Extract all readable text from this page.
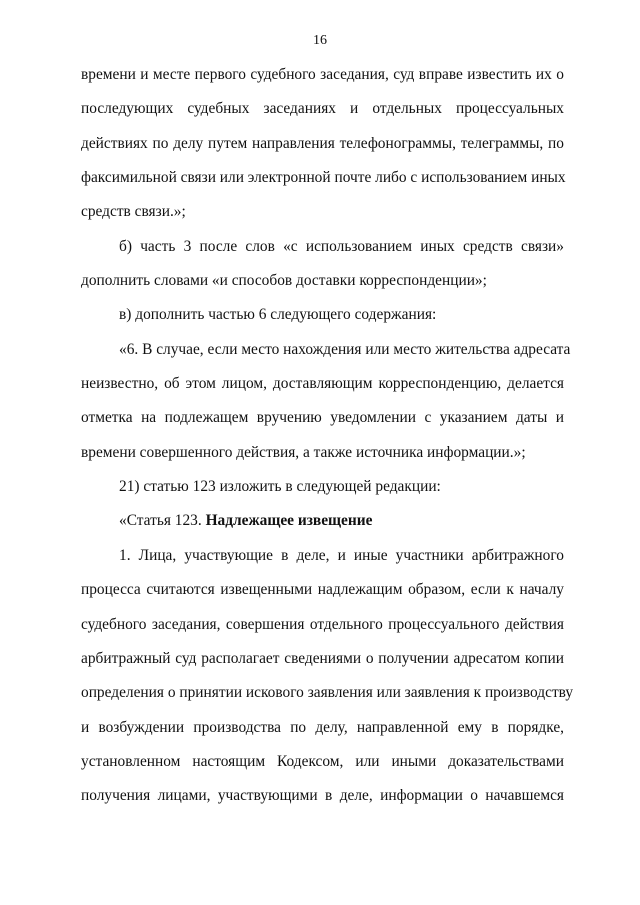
16
времени и месте первого судебного заседания, суд вправе известить их о
последующих судебных заседаниях и отдельных процессуальных
действиях по делу путем направления телефонограммы, телеграммы, по
факсимильной связи или электронной почте либо с использованием иных
средств связи.»;
б) часть 3 после слов «с использованием иных средств связи»
дополнить словами «и способов доставки корреспонденции»;
в) дополнить частью 6 следующего содержания:
«6. В случае, если место нахождения или место жительства адресата
неизвестно, об этом лицом, доставляющим корреспонденцию, делается
отметка на подлежащем вручению уведомлении с указанием даты и
времени совершенного действия, а также источника информации.»;
21) статью 123 изложить в следующей редакции:
«Статья 123. Надлежащее извещение
1. Лица, участвующие в деле, и иные участники арбитражного
процесса считаются извещенными надлежащим образом, если к началу
судебного заседания, совершения отдельного процессуального действия
арбитражный суд располагает сведениями о получении адресатом копии
определения о принятии искового заявления или заявления к производству
и возбуждении производства по делу, направленной ему в порядке,
установленном настоящим Кодексом, или иными доказательствами
получения лицами, участвующими в деле, информации о начавшемся
